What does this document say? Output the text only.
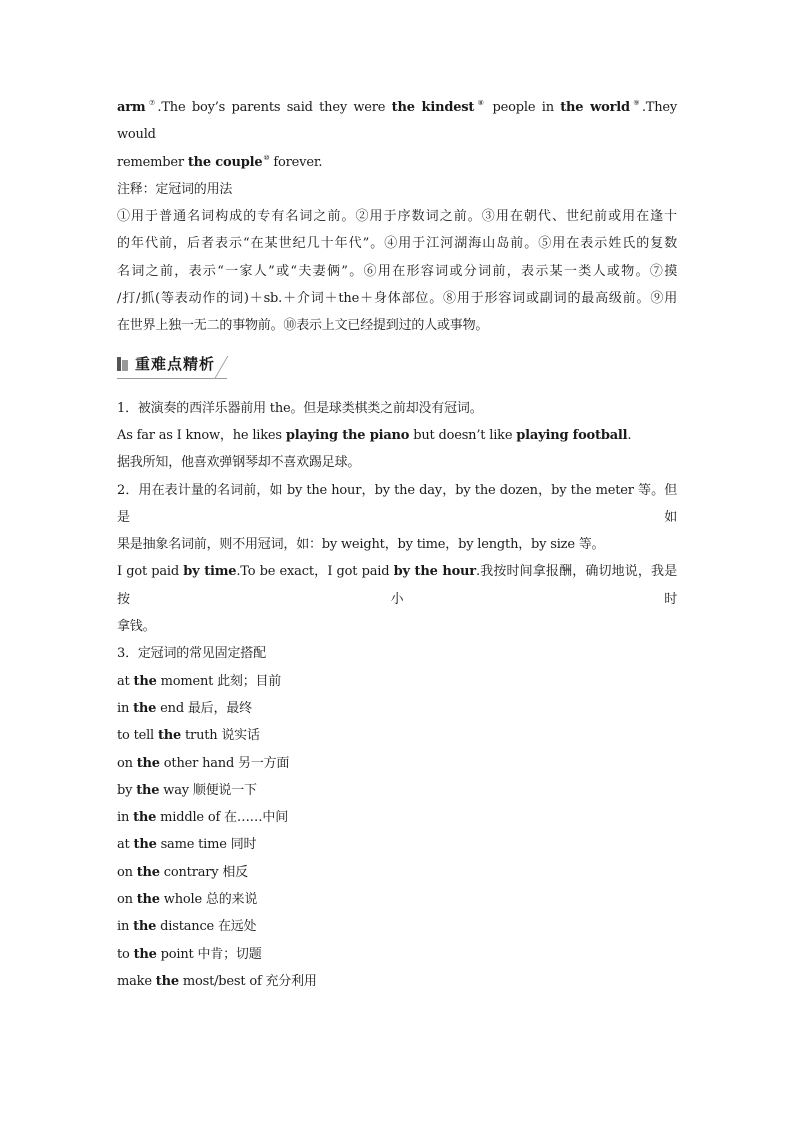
arm⑦.The boy’s parents said they were the kindest⑧ people in the world⑨.They would
remember the couple⑩ forever.
注释：定冠词的用法
①用于普通名词构成的专有名词之前。②用于序数词之前。③用在朝代、世纪前或用在逢十
的年代前，后者表示“在某世纪几十年代”。④用于江河湖海山岛前。⑤用在表示姓氏的复数
名词之前，表示“一家人”或“夫妻俩”。⑥用在形容词或分词前，表示某一类人或物。⑦摸
/打/抓(等表动作的词)＋sb.＋介词＋the＋身体部位。⑧用于形容词或副词的最高级前。⑨用
在世界上独一无二的事物前。⑩表示上文已经提到过的人或事物。
重难点精析
1．被演奏的西洋乐器前用 the。但是球类棋类之前却没有冠词。
As far as I know，he likes playing the piano but doesn’t like playing football.
据我所知，他喜欢弹钢琴却不喜欢踢足球。
2．用在表计量的名词前，如 by the hour，by the day，by the dozen，by the meter 等。但是如
果是抽象名词前，则不用冠词，如：by weight，by time，by length，by size 等。
I got paid by time.To be exact，I got paid by the hour.我按时间拿报酬，确切地说，我是按小时
拿钱。
3．定冠词的常见固定搭配
at the moment 此刻；目前
in the end 最后，最终
to tell the truth 说实话
on the other hand 另一方面
by the way 顺便说一下
in the middle of 在……中间
at the same time 同时
on the contrary 相反
on the whole 总的来说
in the distance 在远处
to the point 中肯；切题
make the most/best of 充分利用
